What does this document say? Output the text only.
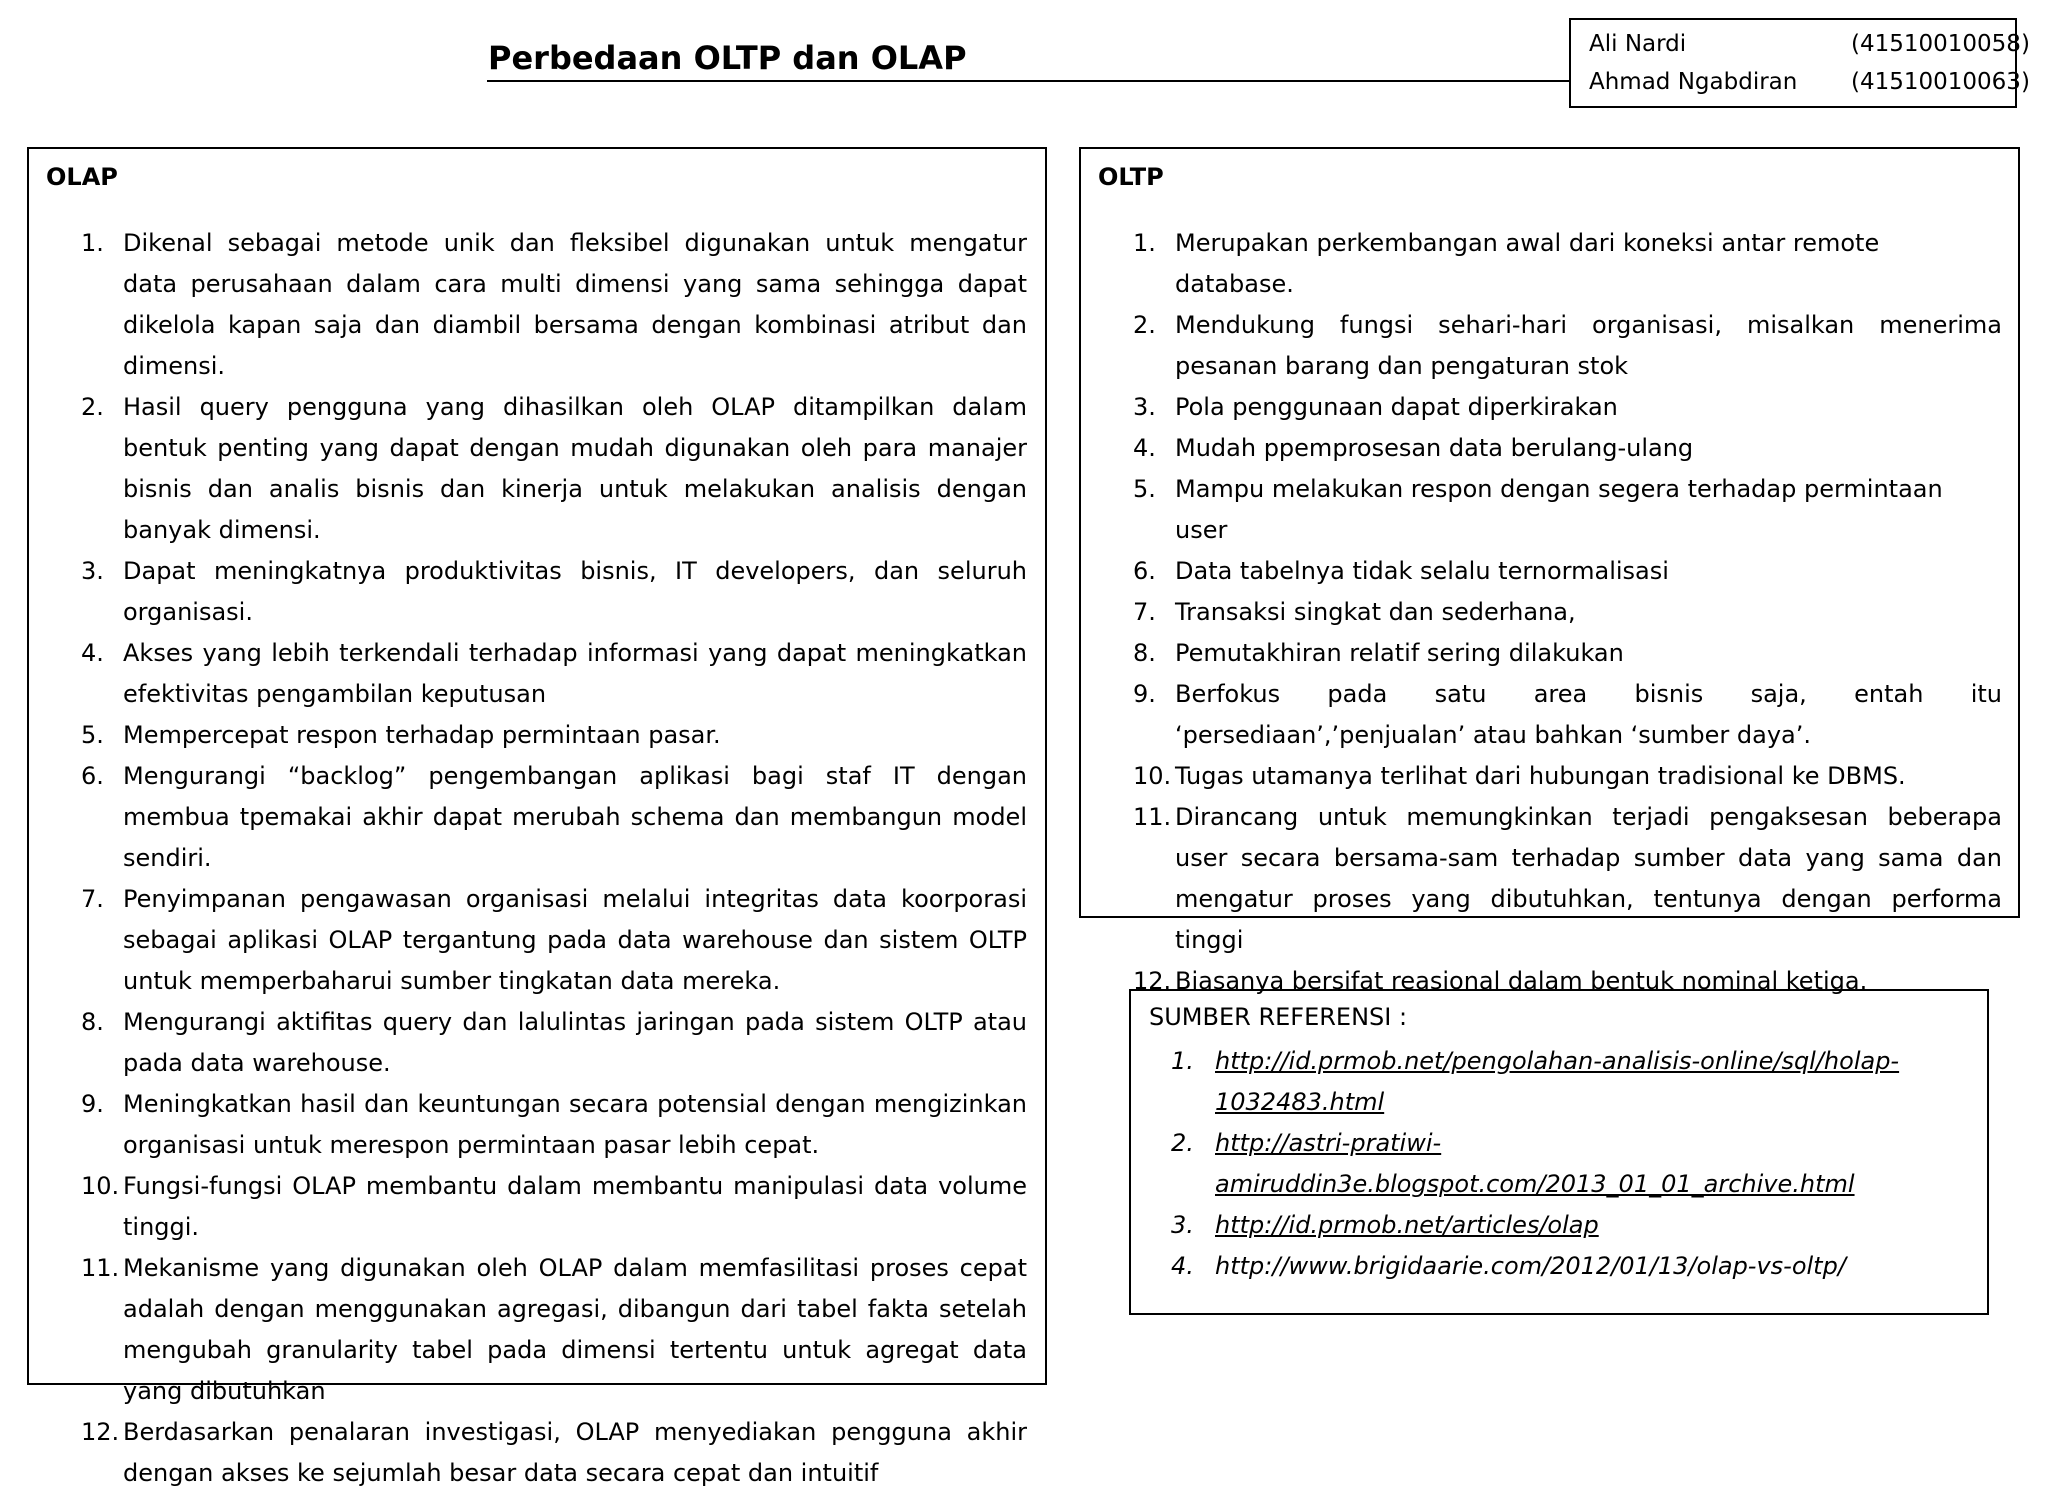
Perbedaan OLTP dan OLAP	Ali Nardi	(41510010058)
Ahmad Ngabdiran (41510010063)
OLAP
1. Dikenal sebagai metode unik dan fleksibel digunakan untuk mengatur data perusahaan dalam cara multi dimensi yang sama sehingga dapat dikelola kapan saja dan diambil bersama dengan kombinasi atribut dan dimensi.
2. Hasil query pengguna yang dihasilkan oleh OLAP ditampilkan dalam bentuk penting yang dapat dengan mudah digunakan oleh para manajer bisnis dan analis bisnis dan kinerja untuk melakukan analisis dengan banyak dimensi.
3. Dapat meningkatnya produktivitas bisnis, IT developers, dan seluruh organisasi.
4. Akses yang lebih terkendali terhadap informasi yang dapat meningkatkan efektivitas pengambilan keputusan
5. Mempercepat respon terhadap permintaan pasar.
6. Mengurangi “backlog” pengembangan aplikasi bagi staf IT dengan membua tpemakai akhir dapat merubah schema dan membangun model sendiri.
7. Penyimpanan pengawasan organisasi melalui integritas data koorporasi sebagai aplikasi OLAP tergantung pada data warehouse dan sistem OLTP untuk memperbaharui sumber tingkatan data mereka.
8. Mengurangi aktifitas query dan lalulintas jaringan pada sistem OLTP atau pada data warehouse.
9. Meningkatkan hasil dan keuntungan secara potensial dengan mengizinkan organisasi untuk merespon permintaan pasar lebih cepat.
10. Fungsi-fungsi OLAP membantu dalam membantu manipulasi data volume tinggi.
11. Mekanisme yang digunakan oleh OLAP dalam memfasilitasi proses cepat adalah dengan menggunakan agregasi, dibangun dari tabel fakta setelah mengubah granularity tabel pada dimensi tertentu untuk agregat data yang dibutuhkan
12. Berdasarkan penalaran investigasi, OLAP menyediakan pengguna akhir dengan akses ke sejumlah besar data secara cepat dan intuitif
OLTP
1. Merupakan perkembangan awal dari koneksi antar remote database.
2. Mendukung fungsi sehari-hari organisasi, misalkan menerima pesanan barang dan pengaturan stok
3. Pola penggunaan dapat diperkirakan
4. Mudah ppemprosesan data berulang-ulang
5. Mampu melakukan respon dengan segera terhadap permintaan user
6. Data tabelnya tidak selalu ternormalisasi
7. Transaksi singkat dan sederhana,
8. Pemutakhiran relatif sering dilakukan
9. Berfokus pada satu area bisnis saja, entah itu ‘persediaan’,’penjualan’ atau bahkan ‘sumber daya’.
10. Tugas utamanya terlihat dari hubungan tradisional ke DBMS.
11. Dirancang untuk memungkinkan terjadi pengaksesan beberapa user secara bersama-sam terhadap sumber data yang sama dan mengatur proses yang dibutuhkan, tentunya dengan performa tinggi
12. Biasanya bersifat reasional dalam bentuk nominal ketiga.
SUMBER REFERENSI :
1. http://id.prmob.net/pengolahan-analisis-online/sql/holap-1032483.html
2. http://astri-pratiwi-amiruddin3e.blogspot.com/2013_01_01_archive.html
3. http://id.prmob.net/articles/olap
4. http://www.brigidaarie.com/2012/01/13/olap-vs-oltp/
